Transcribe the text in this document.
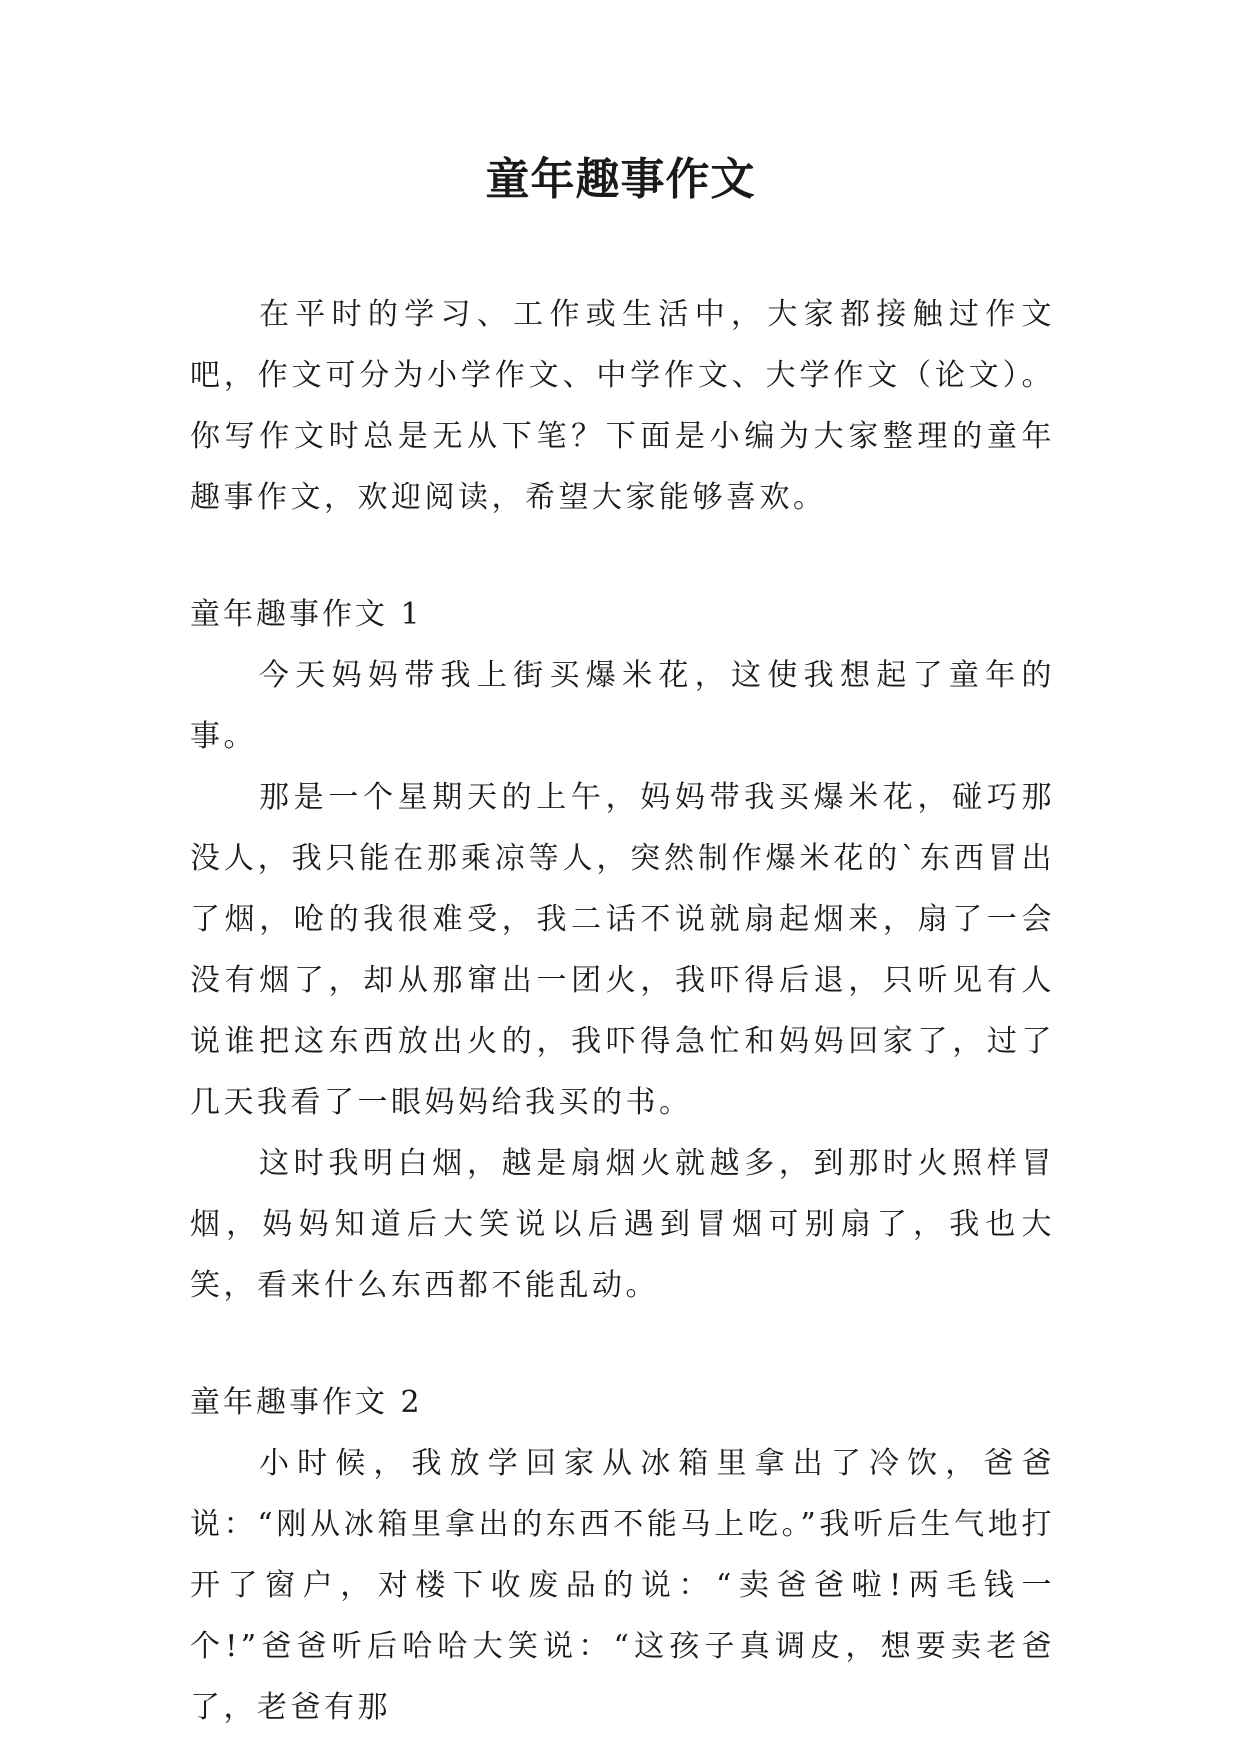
童年趣事作文

在平时的学习、工作或生活中，大家都接触过作文吧，作文可分为小学作文、中学作文、大学作文（论文）。你写作文时总是无从下笔？下面是小编为大家整理的童年趣事作文，欢迎阅读，希望大家能够喜欢。

童年趣事作文 1

今天妈妈带我上街买爆米花，这使我想起了童年的事。

那是一个星期天的上午，妈妈带我买爆米花，碰巧那没人，我只能在那乘凉等人，突然制作爆米花的`东西冒出了烟，呛的我很难受，我二话不说就扇起烟来，扇了一会没有烟了，却从那窜出一团火，我吓得后退，只听见有人说谁把这东西放出火的，我吓得急忙和妈妈回家了，过了几天我看了一眼妈妈给我买的书。

这时我明白烟，越是扇烟火就越多，到那时火照样冒烟，妈妈知道后大笑说以后遇到冒烟可别扇了，我也大笑，看来什么东西都不能乱动。

童年趣事作文 2

小时候，我放学回家从冰箱里拿出了冷饮，爸爸说：“刚从冰箱里拿出的东西不能马上吃。”我听后生气地打开了窗户，对楼下收废品的说：“卖爸爸啦!两毛钱一个!”爸爸听后哈哈大笑说：“这孩子真调皮，想要卖老爸了，老爸有那
